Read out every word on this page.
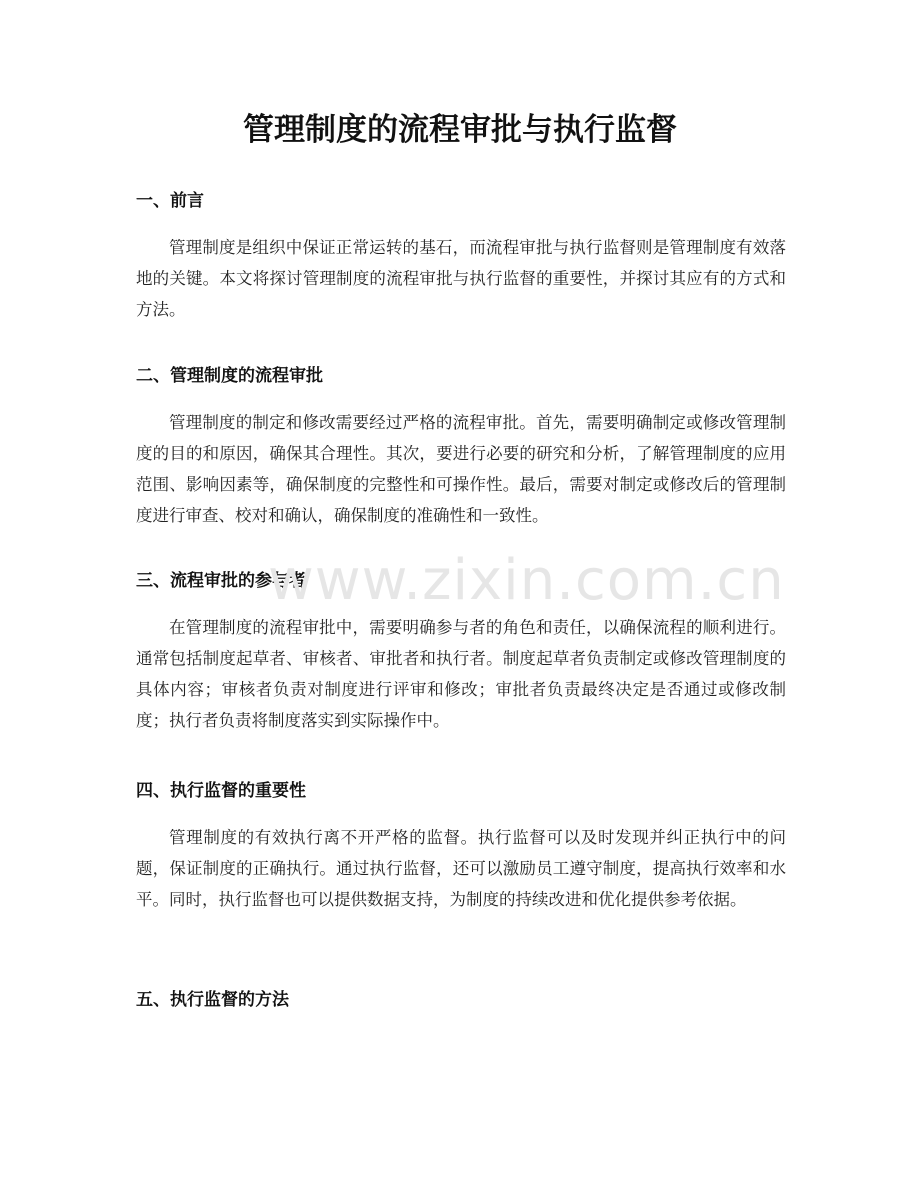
管理制度的流程审批与执行监督
一、前言

管理制度是组织中保证正常运转的基石，而流程审批与执行监督则是管理制度有效落地的关键。本文将探讨管理制度的流程审批与执行监督的重要性，并探讨其应有的方式和方法。

二、管理制度的流程审批

管理制度的制定和修改需要经过严格的流程审批。首先，需要明确制定或修改管理制度的目的和原因，确保其合理性。其次，要进行必要的研究和分析，了解管理制度的应用范围、影响因素等，确保制度的完整性和可操作性。最后，需要对制定或修改后的管理制度进行审查、校对和确认，确保制度的准确性和一致性。

三、流程审批的参与者

在管理制度的流程审批中，需要明确参与者的角色和责任，以确保流程的顺利进行。通常包括制度起草者、审核者、审批者和执行者。制度起草者负责制定或修改管理制度的具体内容；审核者负责对制度进行评审和修改；审批者负责最终决定是否通过或修改制度；执行者负责将制度落实到实际操作中。

四、执行监督的重要性

管理制度的有效执行离不开严格的监督。执行监督可以及时发现并纠正执行中的问题，保证制度的正确执行。通过执行监督，还可以激励员工遵守制度，提高执行效率和水平。同时，执行监督也可以提供数据支持，为制度的持续改进和优化提供参考依据。

五、执行监督的方法
www.zixin.com.cn
